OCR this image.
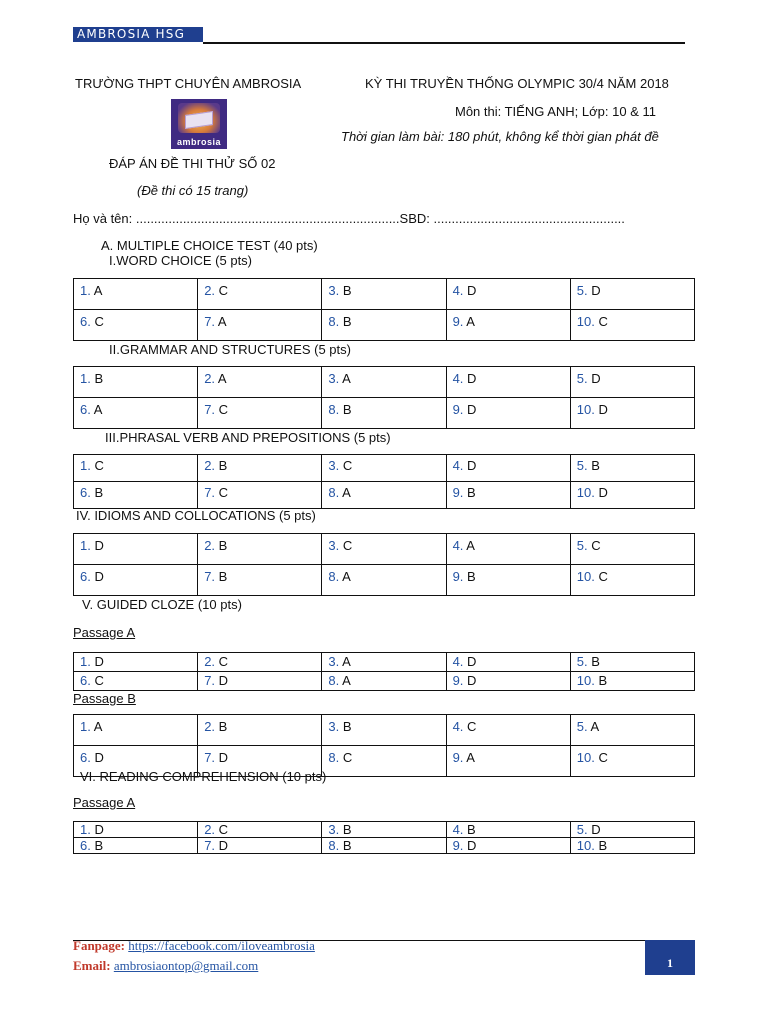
AMBROSIA HSG
TRƯỜNG THPT CHUYÊN AMBROSIA	KỲ THI TRUYỀN THỐNG OLYMPIC 30/4 NĂM 2018
ambrosia
Môn thi: TIẾNG ANH; Lớp: 10 & 11
Thời gian làm bài: 180 phút, không kể thời gian phát đề
ĐÁP ÁN ĐỀ THI THỬ SỐ 02
(Đề thi có 15 trang)
Họ và tên: .........................................................................SBD: .....................................................
A. MULTIPLE CHOICE TEST (40 pts)
I.WORD CHOICE (5 pts)
1. A	2. C	3. B	4. D	5. D
6. C	7. A	8. B	9. A	10. C
II.GRAMMAR AND STRUCTURES (5 pts)
1. B	2. A	3. A	4. D	5. D
6. A	7. C	8. B	9. D	10. D
III.PHRASAL VERB AND PREPOSITIONS (5 pts)
1. C	2. B	3. C	4. D	5. B
6. B	7. C	8. A	9. B	10. D
IV. IDIOMS AND COLLOCATIONS (5 pts)
1. D	2. B	3. C	4. A	5. C
6. D	7. B	8. A	9. B	10. C
V. GUIDED CLOZE (10 pts)
Passage A
1. D	2. C	3. A	4. D	5. B
6. C	7. D	8. A	9. D	10. B
Passage B
1. A	2. B	3. B	4. C	5. A
6. D	7. D	8. C	9. A	10. C
VI. READING COMPREHENSION (10 pts)
Passage A
1. D	2. C	3. B	4. B	5. D
6. B	7. D	8. B	9. D	10. B
Fanpage: https://facebook.com/iloveambrosia
Email: ambrosiaontop@gmail.com	1
